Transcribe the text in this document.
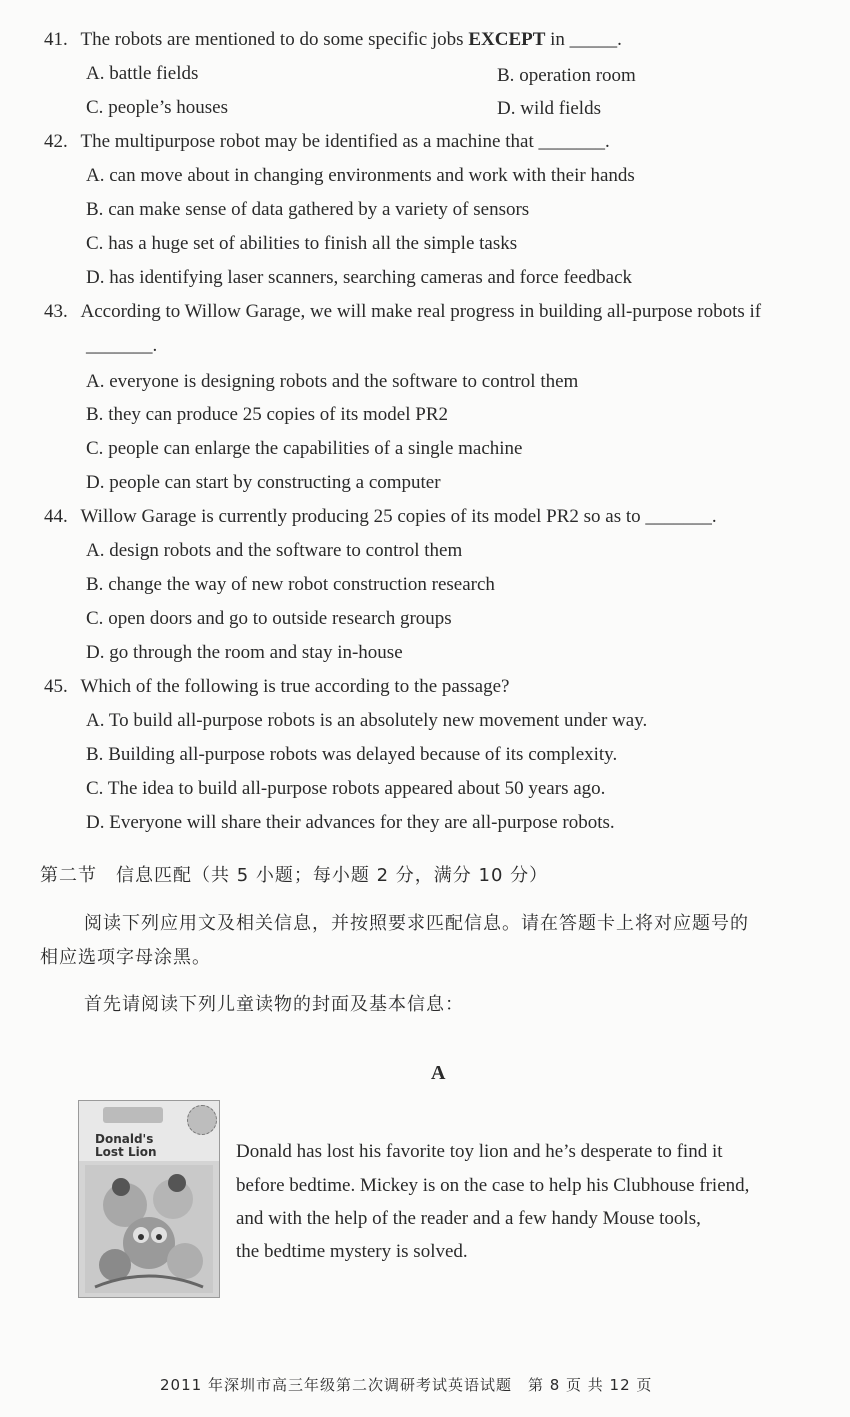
41. The robots are mentioned to do some specific jobs EXCEPT in _____.
A. battle fields	B. operation room
C. people’s houses	D. wild fields
42. The multipurpose robot may be identified as a machine that _______.
A. can move about in changing environments and work with their hands
B. can make sense of data gathered by a variety of sensors
C. has a huge set of abilities to finish all the simple tasks
D. has identifying laser scanners, searching cameras and force feedback
43. According to Willow Garage, we will make real progress in building all-purpose robots if
_______.
A. everyone is designing robots and the software to control them
B. they can produce 25 copies of its model PR2
C. people can enlarge the capabilities of a single machine
D. people can start by constructing a computer
44. Willow Garage is currently producing 25 copies of its model PR2 so as to _______.
A. design robots and the software to control them
B. change the way of new robot construction research
C. open doors and go to outside research groups
D. go through the room and stay in-house
45. Which of the following is true according to the passage?
A. To build all-purpose robots is an absolutely new movement under way.
B. Building all-purpose robots was delayed because of its complexity.
C. The idea to build all-purpose robots appeared about 50 years ago.
D. Everyone will share their advances for they are all-purpose robots.
第二节　信息匹配（共 5 小题；每小题 2 分，满分 10 分）
阅读下列应用文及相关信息，并按照要求匹配信息。请在答题卡上将对应题号的
相应选项字母涂黑。
首先请阅读下列儿童读物的封面及基本信息：
A
Donald's
Lost Lion	Donald has lost his favorite toy lion and he’s desperate to find it
before bedtime. Mickey is on the case to help his Clubhouse friend,
and with the help of the reader and a few handy Mouse tools,
the bedtime mystery is solved.
2011 年深圳市高三年级第二次调研考试英语试题　第 8 页 共 12 页
